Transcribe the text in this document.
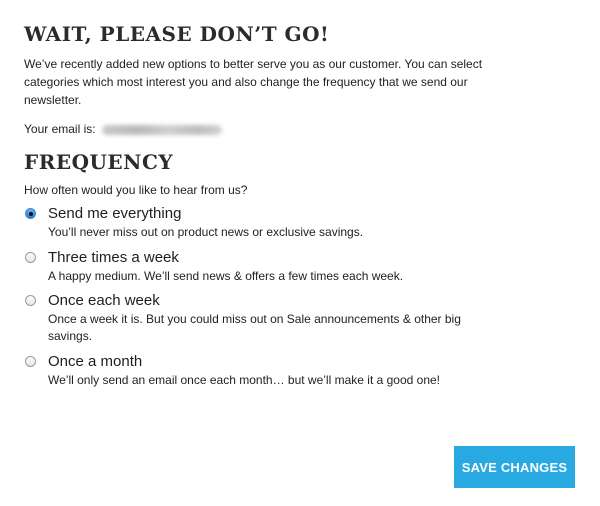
WAIT, PLEASE DON’T GO!
We’ve recently added new options to better serve you as our customer. You can select categories which most interest you and also change the frequency that we send our newsletter.
Your email is:
FREQUENCY
How often would you like to hear from us?
Send me everything
You’ll never miss out on product news or exclusive savings.
Three times a week
A happy medium. We’ll send news & offers a few times each week.
Once each week
Once a week it is. But you could miss out on Sale announcements & other big savings.
Once a month
We’ll only send an email once each month… but we’ll make it a good one!
SAVE CHANGES
